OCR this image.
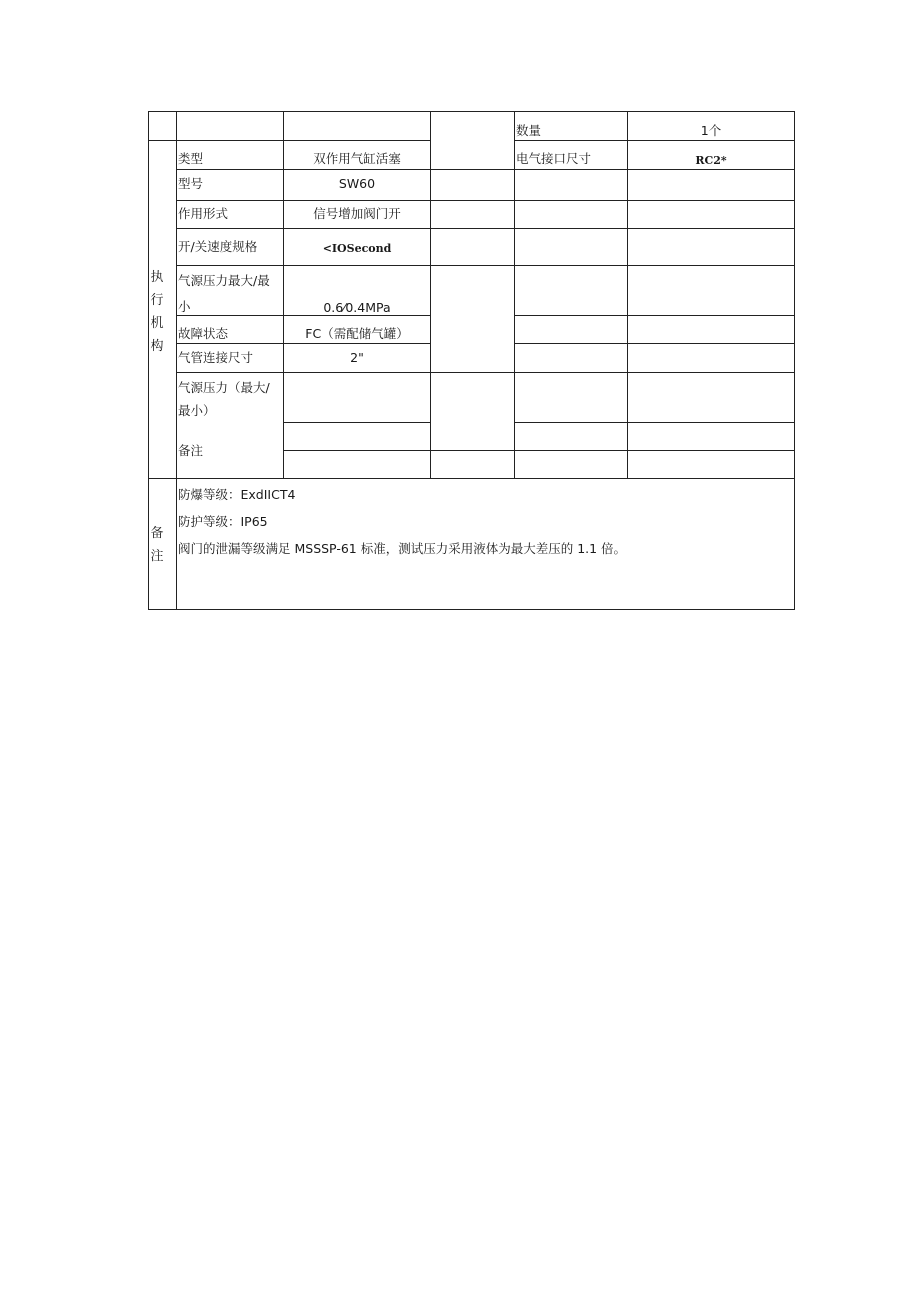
执行机构
数量	1个
类型	双作用气缸活塞	电气接口尺寸	RC2*
型号	SW60
作用形式	信号增加阀门开
开/关速度规格	<IOSecond
气源压力最大/最
小	0.6⁄0.4MPa
故障状态	FC（需配储气罐）
气管连接尺寸	2"
气源压力（最大/
最小）
备注
备注
防爆等级：ExdIICT4
防护等级：IP65
阀门的泄漏等级满足 MSSSP-61 标准，测试压力采用液体为最大差压的 1.1 倍。
